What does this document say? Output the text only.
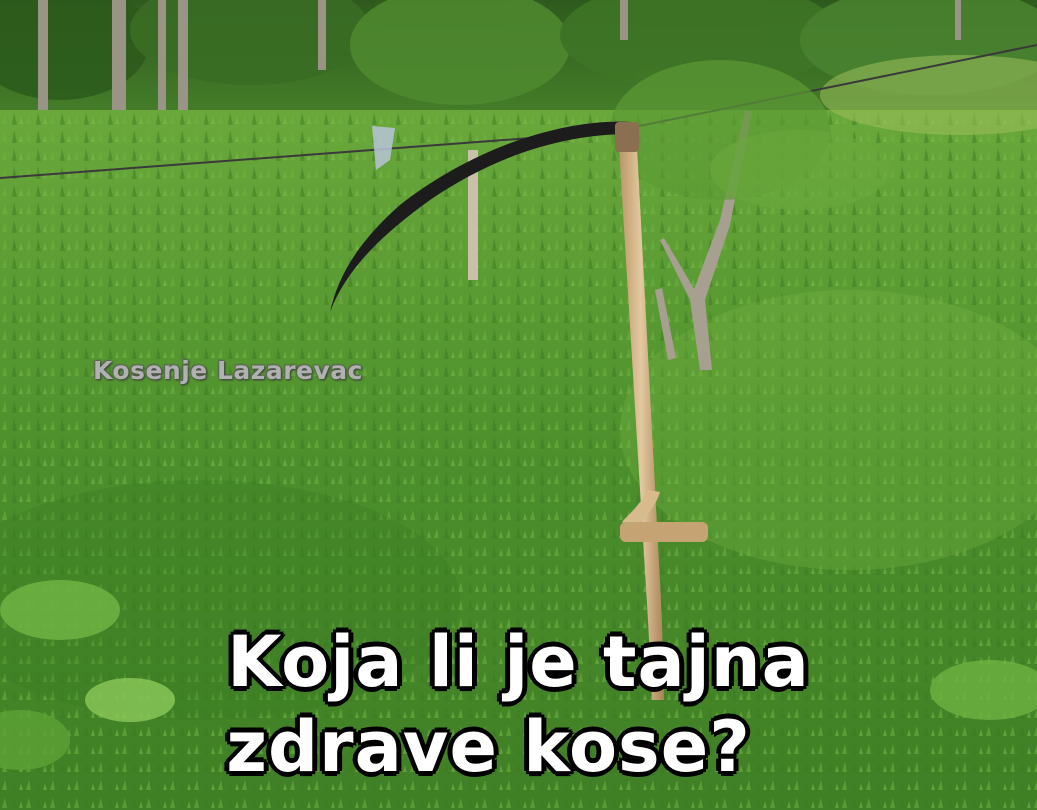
Kosenje Lazarevac
Koja li je tajna
zdrave kose?
